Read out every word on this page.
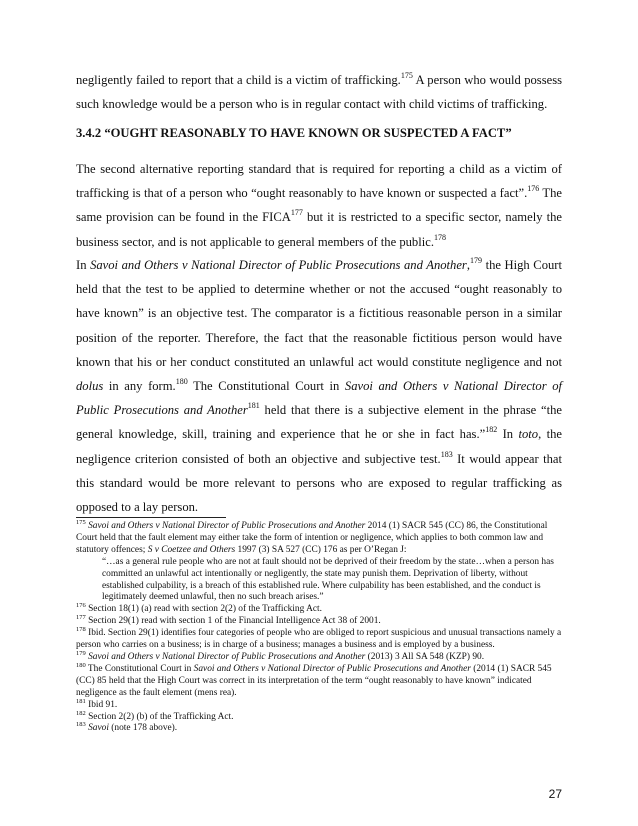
negligently failed to report that a child is a victim of trafficking.$^{175}$ A person who would possess such knowledge would be a person who is in regular contact with child victims of trafficking.

3.4.2 “OUGHT REASONABLY TO HAVE KNOWN OR SUSPECTED A FACT”

The second alternative reporting standard that is required for reporting a child as a victim of trafficking is that of a person who “ought reasonably to have known or suspected a fact”.$^{176}$ The same provision can be found in the FICA$^{177}$ but it is restricted to a specific sector, namely the business sector, and is not applicable to general members of the public.$^{178}$

In Savoi and Others v National Director of Public Prosecutions and Another,$^{179}$ the High Court held that the test to be applied to determine whether or not the accused “ought reasonably to have known” is an objective test. The comparator is a fictitious reasonable person in a similar position of the reporter. Therefore, the fact that the reasonable fictitious person would have known that his or her conduct constituted an unlawful act would constitute negligence and not dolus in any form.$^{180}$ The Constitutional Court in Savoi and Others v National Director of Public Prosecutions and Another$^{181}$ held that there is a subjective element in the phrase “the general knowledge, skill, training and experience that he or she in fact has.”$^{182}$ In toto, the negligence criterion consisted of both an objective and subjective test.$^{183}$ It would appear that this standard would be more relevant to persons who are exposed to regular trafficking as opposed to a lay person.

$^{175}$ Savoi and Others v National Director of Public Prosecutions and Another 2014 (1) SACR 545 (CC) 86, the Constitutional Court held that the fault element may either take the form of intention or negligence, which applies to both common law and statutory offences; S v Coetzee and Others 1997 (3) SA 527 (CC) 176 as per O’Regan J:

“…as a general rule people who are not at fault should not be deprived of their freedom by the state…when a person has committed an unlawful act intentionally or negligently, the state may punish them. Deprivation of liberty, without established culpability, is a breach of this established rule. Where culpability has been established, and the conduct is legitimately deemed unlawful, then no such breach arises.”

$^{176}$ Section 18(1) (a) read with section 2(2) of the Trafficking Act.

$^{177}$ Section 29(1) read with section 1 of the Financial Intelligence Act 38 of 2001.

$^{178}$ Ibid. Section 29(1) identifies four categories of people who are obliged to report suspicious and unusual transactions namely a person who carries on a business; is in charge of a business; manages a business and is employed by a business.

$^{179}$ Savoi and Others v National Director of Public Prosecutions and Another (2013) 3 All SA 548 (KZP) 90.

$^{180}$ The Constitutional Court in Savoi and Others v National Director of Public Prosecutions and Another (2014 (1) SACR 545 (CC) 85 held that the High Court was correct in its interpretation of the term “ought reasonably to have known” indicated negligence as the fault element (mens rea).

$^{181}$ Ibid 91.

$^{182}$ Section 2(2) (b) of the Trafficking Act.

$^{183}$ Savoi (note 178 above).

27
